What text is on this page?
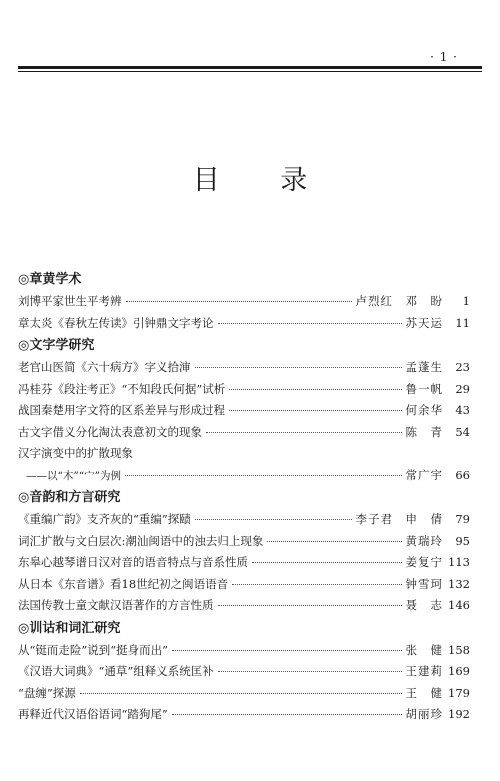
· 1 ·
目 录
◎章黄学术
刘博平家世生平考辨	卢烈红　邓　盼	1
章太炎《春秋左传读》引钟鼎文字考论	苏天运	11
◎文字学研究
老官山医简《六十病方》字义拾渖	孟蓬生	23
冯桂芬《段注考正》“不知段氏何据”试析	鲁一帆	29
战国秦楚用字文符的区系差异与形成过程	何余华	43
古文字借义分化淘汰表意初文的现象	陈　青	54
汉字演变中的扩散现象
——以“木”“宀”为例	常广宇	66
◎音韵和方言研究
《重编广韵》支齐灰的“重编”探赜	李子君　申　倩	79
词汇扩散与文白层次:潮汕闽语中的浊去归上现象	黄瑞玲	95
东皋心越琴谱日汉对音的语音特点与音系性质	姜复宁 113
从日本《东音谱》看18世纪初之闽语语音	钟雪珂 132
法国传教士童文献汉语著作的方言性质	聂　志 146
◎训诂和词汇研究
从“铤而走险”说到“挺身而出”	张　健 158
《汉语大词典》“通草”组释义系统匡补	王建莉 169
“盘缠”探源	王　健 179
再释近代汉语俗语词“踏狗尾”	胡丽珍 192
